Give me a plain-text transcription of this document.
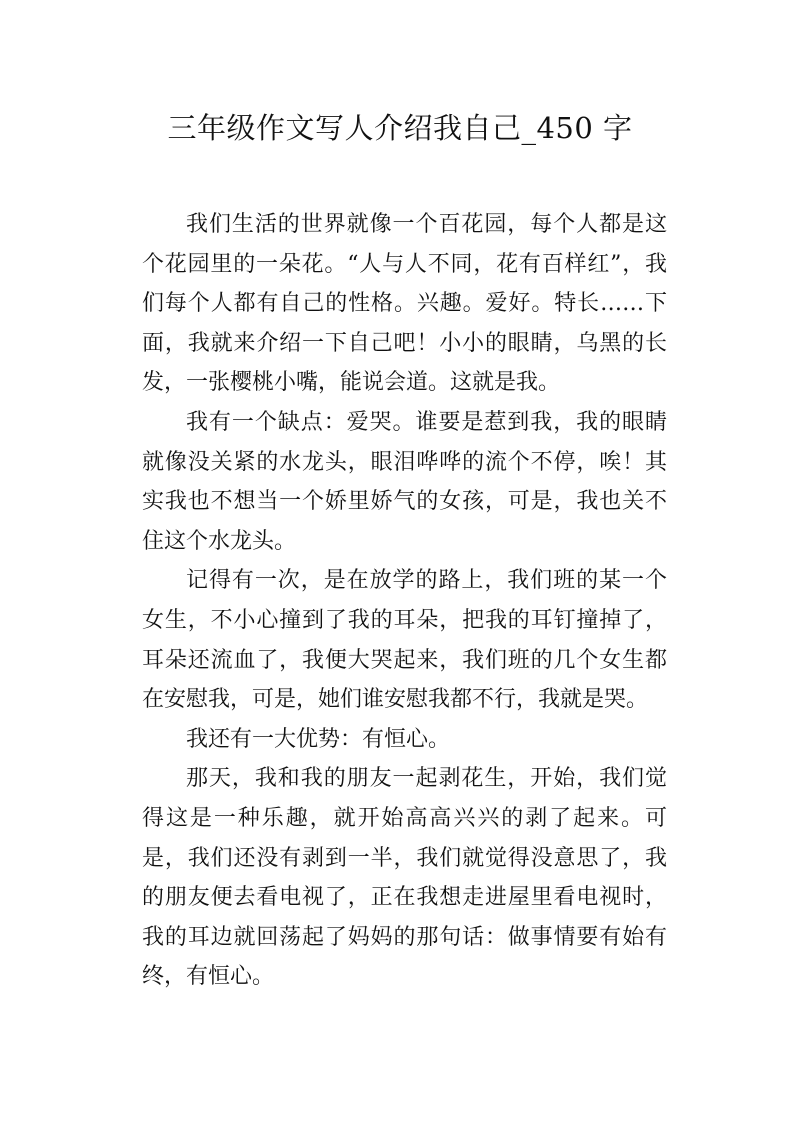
三年级作文写人介绍我自己_450 字

我们生活的世界就像一个百花园，每个人都是这个花园里的一朵花。“人与人不同，花有百样红”，我们每个人都有自己的性格。兴趣。爱好。特长……下面，我就来介绍一下自己吧！小小的眼睛，乌黑的长发，一张樱桃小嘴，能说会道。这就是我。

我有一个缺点：爱哭。谁要是惹到我，我的眼睛就像没关紧的水龙头，眼泪哗哗的流个不停，唉！其实我也不想当一个娇里娇气的女孩，可是，我也关不住这个水龙头。

记得有一次，是在放学的路上，我们班的某一个女生，不小心撞到了我的耳朵，把我的耳钉撞掉了，耳朵还流血了，我便大哭起来，我们班的几个女生都在安慰我，可是，她们谁安慰我都不行，我就是哭。

我还有一大优势：有恒心。

那天，我和我的朋友一起剥花生，开始，我们觉得这是一种乐趣，就开始高高兴兴的剥了起来。可是，我们还没有剥到一半，我们就觉得没意思了，我的朋友便去看电视了，正在我想走进屋里看电视时，我的耳边就回荡起了妈妈的那句话：做事情要有始有终，有恒心。
